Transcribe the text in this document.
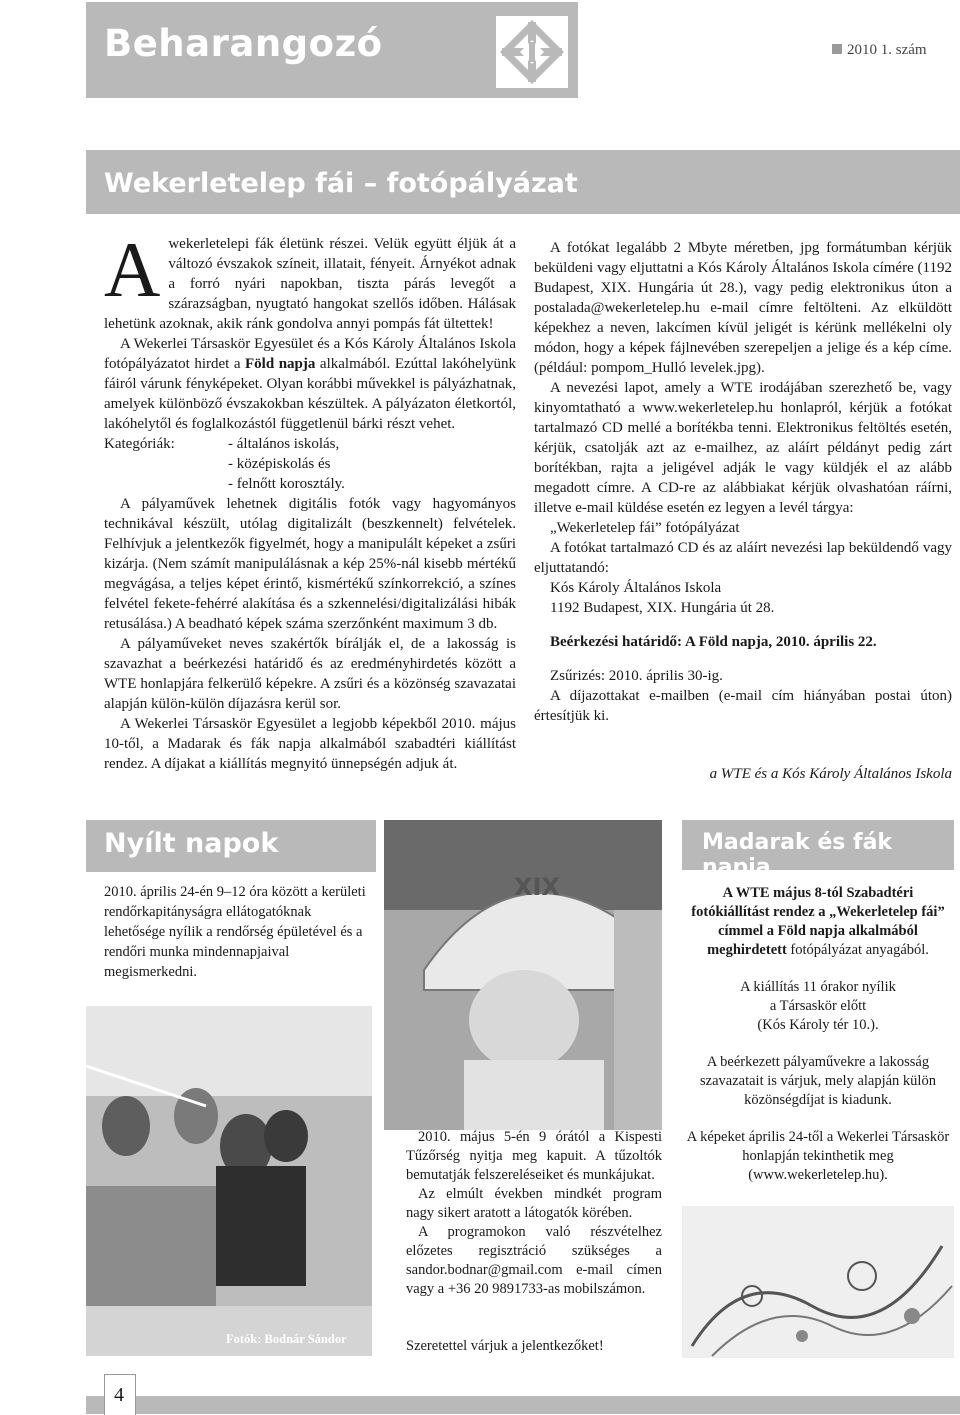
Beharangozó	2010 1. szám
Wekerletelep fái – fotópályázat

Awekerletelepi fák életünk részei. Velük együtt éljük át a változó évszakok színeit, illatait, fényeit. Árnyékot adnak a forró nyári napokban, tiszta párás levegőt a szárazságban, nyugtató hangokat szellős időben. Hálásak lehetünk azoknak, akik ránk gondolva annyi pompás fát ültettek!

A Wekerlei Társaskör Egyesület és a Kós Károly Általános Iskola fotópályázatot hirdet a Föld napja alkalmából. Ezúttal lakóhelyünk fáiról várunk fényképeket. Olyan korábbi művekkel is pályázhatnak, amelyek különböző évszakokban készültek. A pályázaton életkortól, lakóhelytől és foglalkozástól függetlenül bárki részt vehet.

Kategóriák:	- általános iskolás,
- középiskolás és
- felnőtt korosztály.

A pályaművek lehetnek digitális fotók vagy hagyományos technikával készült, utólag digitalizált (beszkennelt) felvételek. Felhívjuk a jelentkezők figyelmét, hogy a manipulált képeket a zsűri kizárja. (Nem számít manipulálásnak a kép 25%-nál kisebb mértékű megvágása, a teljes képet érintő, kismértékű színkorrekció, a színes felvétel fekete-fehérré alakítása és a szkennelési/digitalizálási hibák retusálása.) A beadható képek száma szerzőnként maximum 3 db.

A pályaműveket neves szakértők bírálják el, de a lakosság is szavazhat a beérkezési határidő és az eredményhirdetés között a WTE honlapjára felkerülő képekre. A zsűri és a közönség szavazatai alapján külön-külön díjazásra kerül sor.

A Wekerlei Társaskör Egyesület a legjobb képekből 2010. május 10-től, a Madarak és fák napja alkalmából szabadtéri kiállítást rendez. A díjakat a kiállítás megnyitó ünnepségén adjuk át.

A fotókat legalább 2 Mbyte méretben, jpg formátumban kérjük beküldeni vagy eljuttatni a Kós Károly Általános Iskola címére (1192 Budapest, XIX. Hungária út 28.), vagy pedig elektronikus úton a postalada@wekerletelep.hu e-mail címre feltölteni. Az elküldött képekhez a neven, lakcímen kívül jeligét is kérünk mellékelni oly módon, hogy a képek fájlnevében szerepeljen a jelige és a kép címe. (például: pompom_Hulló levelek.jpg).

A nevezési lapot, amely a WTE irodájában szerezhető be, vagy kinyomtatható a www.wekerletelep.hu honlapról, kérjük a fotókat tartalmazó CD mellé a borítékba tenni. Elektronikus feltöltés esetén, kérjük, csatolják azt az e-mailhez, az aláírt példányt pedig zárt borítékban, rajta a jeligével adják le vagy küldjék el az alább megadott címre. A CD-re az alábbiakat kérjük olvashatóan ráírni, illetve e-mail küldése esetén ez legyen a levél tárgya:

„Wekerletelep fái” fotópályázat

A fotókat tartalmazó CD és az aláírt nevezési lap beküldendő vagy eljuttatandó:

Kós Károly Általános Iskola

1192 Budapest, XIX. Hungária út 28.

Beérkezési határidő: A Föld napja, 2010. április 22.

Zsűrizés: 2010. április 30-ig.

A díjazottakat e-mailben (e-mail cím hiányában postai úton) értesítjük ki.

a WTE és a Kós Károly Általános Iskola
Nyílt napok
2010. április 24-én 9–12 óra között a kerületi rendőrkapitányságra ellátogatóknak lehetősége nyílik a rendőrség épületével és a rendőri munka mindennapjaival megismerkedni.
Fotók: Bodnár Sándor
XIX

2010. május 5-én 9 órától a Kispesti Tűzőrség nyitja meg kapuit. A tűzoltók bemutatják felszereléseiket és munkájukat.

Az elmúlt években mindkét program nagy sikert aratott a látogatók körében.

A programokon való részvételhez előzetes regisztráció szükséges a sandor.bodnar@gmail.com e-mail címen vagy a +36 20 9891733-as mobilszámon.

Szeretettel várjuk a jelentkezőket!
Madarak és fák napja

A WTE május 8-tól Szabadtéri fotókiállítást rendez a „Wekerletelep fái” címmel a Föld napja alkalmából meghirdetett fotópályázat anyagából.

A kiállítás 11 órakor nyílik
a Társaskör előtt
(Kós Károly tér 10.).

A beérkezett pályaművekre a lakosság szavazatait is várjuk, mely alapján külön közönségdíjat is kiadunk.

A képeket április 24-től a Wekerlei Társaskör honlapján tekinthetik meg (www.wekerletelep.hu).

4
